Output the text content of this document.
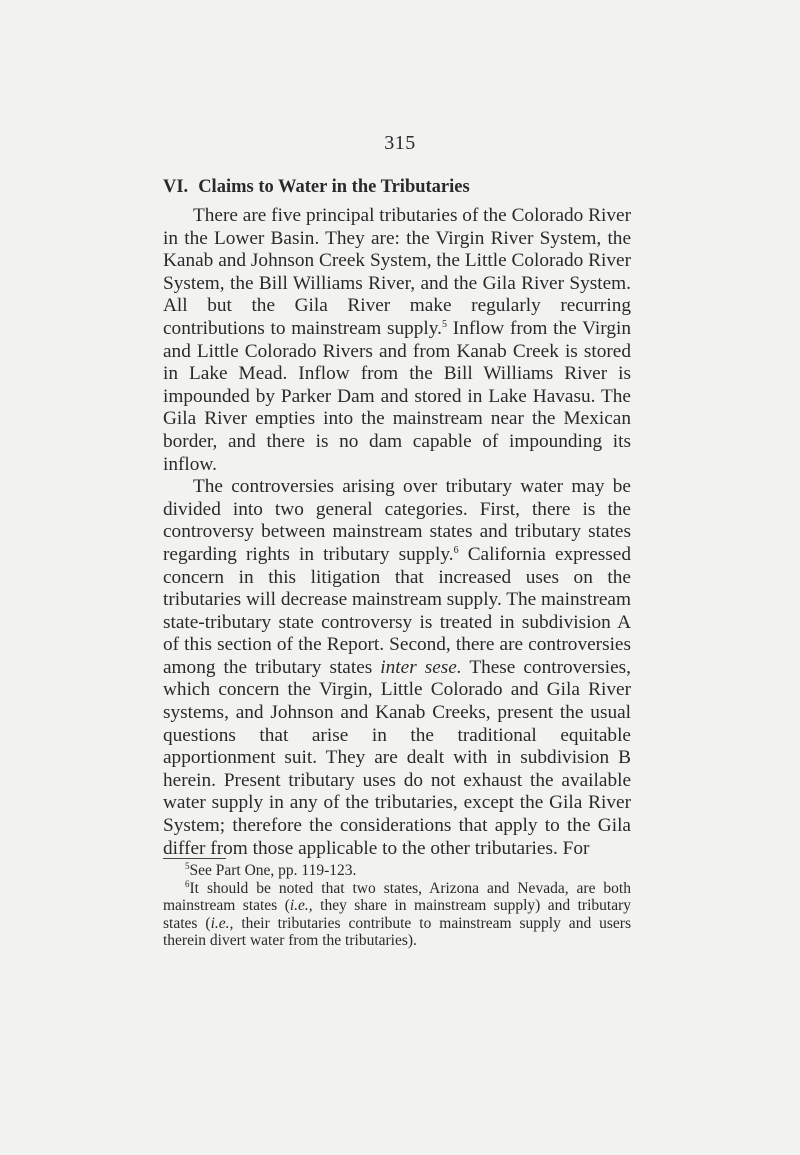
315
VI. Claims to Water in the Tributaries

There are five principal tributaries of the Colorado River in the Lower Basin. They are: the Virgin River System, the Kanab and Johnson Creek System, the Little Colorado River System, the Bill Williams River, and the Gila River System. All but the Gila River make regularly recurring contributions to mainstream supply.$^5$ Inflow from the Virgin and Little Colorado Rivers and from Kanab Creek is stored in Lake Mead. Inflow from the Bill Williams River is impounded by Parker Dam and stored in Lake Havasu. The Gila River empties into the mainstream near the Mexican border, and there is no dam capable of impounding its inflow.

The controversies arising over tributary water may be divided into two general categories. First, there is the controversy between mainstream states and tributary states regarding rights in tributary supply.$^6$ California expressed concern in this litigation that increased uses on the tributaries will decrease mainstream supply. The mainstream state-tributary state controversy is treated in subdivision A of this section of the Report. Second, there are controversies among the tributary states inter sese. These controversies, which concern the Virgin, Little Colorado and Gila River systems, and Johnson and Kanab Creeks, present the usual questions that arise in the traditional equitable apportionment suit. They are dealt with in subdivision B herein. Present tributary uses do not exhaust the available water supply in any of the tributaries, except the Gila River System; therefore the considerations that apply to the Gila differ from those applicable to the other tributaries. For

$^5$See Part One, pp. 119-123.

$^6$It should be noted that two states, Arizona and Nevada, are both mainstream states (i.e., they share in mainstream supply) and tributary states (i.e., their tributaries contribute to mainstream supply and users therein divert water from the tributaries).
